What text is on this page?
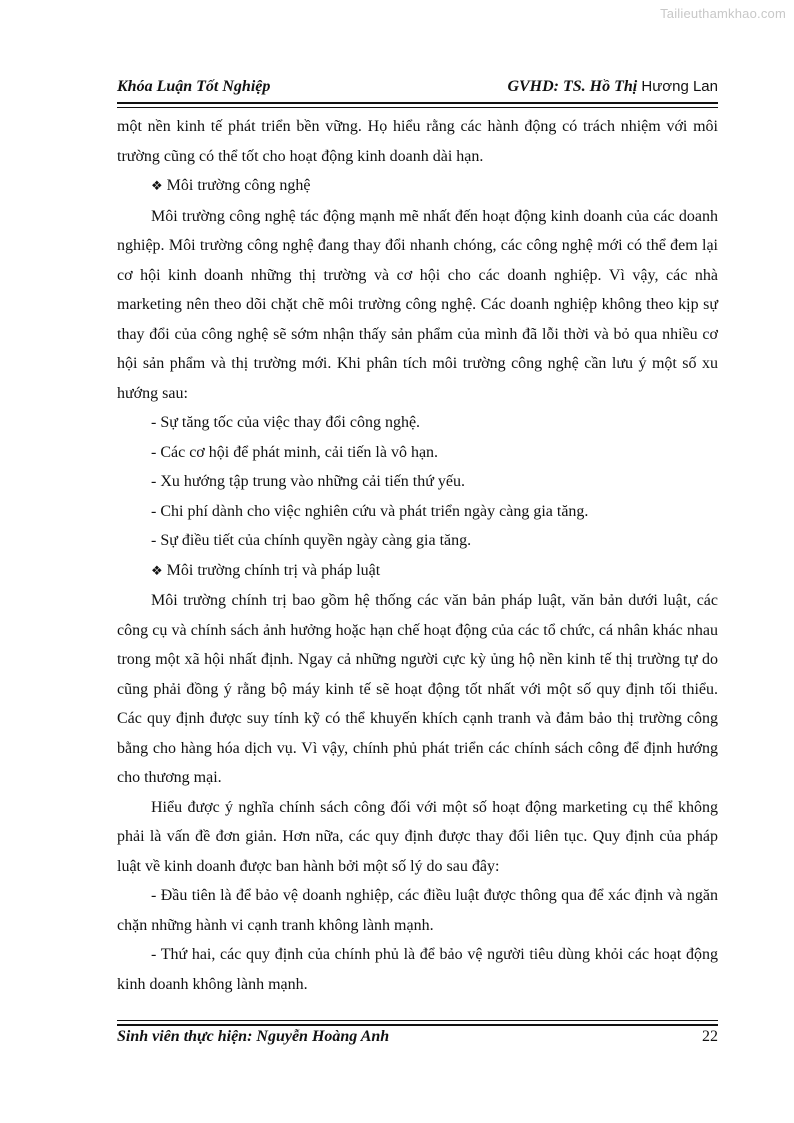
Tailieuthamkhao.com
Khóa Luận Tốt Nghiệp	GVHD: TS. Hồ Thị Hương Lan

một nền kinh tế phát triển bền vững. Họ hiểu rằng các hành động có trách nhiệm với môi trường cũng có thể tốt cho hoạt động kinh doanh dài hạn.

❖ Môi trường công nghệ

Môi trường công nghệ tác động mạnh mẽ nhất đến hoạt động kinh doanh của các doanh nghiệp. Môi trường công nghệ đang thay đổi nhanh chóng, các công nghệ mới có thể đem lại cơ hội kinh doanh những thị trường và cơ hội cho các doanh nghiệp. Vì vậy, các nhà marketing nên theo dõi chặt chẽ môi trường công nghệ. Các doanh nghiệp không theo kịp sự thay đổi của công nghệ sẽ sớm nhận thấy sản phẩm của mình đã lỗi thời và bỏ qua nhiều cơ hội sản phẩm và thị trường mới. Khi phân tích môi trường công nghệ cần lưu ý một số xu hướng sau:

- Sự tăng tốc của việc thay đổi công nghệ.

- Các cơ hội để phát minh, cải tiến là vô hạn.

- Xu hướng tập trung vào những cải tiến thứ yếu.

- Chi phí dành cho việc nghiên cứu và phát triển ngày càng gia tăng.

- Sự điều tiết của chính quyền ngày càng gia tăng.

❖ Môi trường chính trị và pháp luật

Môi trường chính trị bao gồm hệ thống các văn bản pháp luật, văn bản dưới luật, các công cụ và chính sách ảnh hưởng hoặc hạn chế hoạt động của các tổ chức, cá nhân khác nhau trong một xã hội nhất định. Ngay cả những người cực kỳ ủng hộ nền kinh tế thị trường tự do cũng phải đồng ý rằng bộ máy kinh tế sẽ hoạt động tốt nhất với một số quy định tối thiểu. Các quy định được suy tính kỹ có thể khuyến khích cạnh tranh và đảm bảo thị trường công bằng cho hàng hóa dịch vụ. Vì vậy, chính phủ phát triển các chính sách công để định hướng cho thương mại.

Hiểu được ý nghĩa chính sách công đối với một số hoạt động marketing cụ thể không phải là vấn đề đơn giản. Hơn nữa, các quy định được thay đổi liên tục. Quy định của pháp luật về kinh doanh được ban hành bởi một số lý do sau đây:

- Đầu tiên là để bảo vệ doanh nghiệp, các điều luật được thông qua để xác định và ngăn chặn những hành vi cạnh tranh không lành mạnh.

- Thứ hai, các quy định của chính phủ là để bảo vệ người tiêu dùng khỏi các hoạt động kinh doanh không lành mạnh.

Sinh viên thực hiện: Nguyễn Hoàng Anh	22
